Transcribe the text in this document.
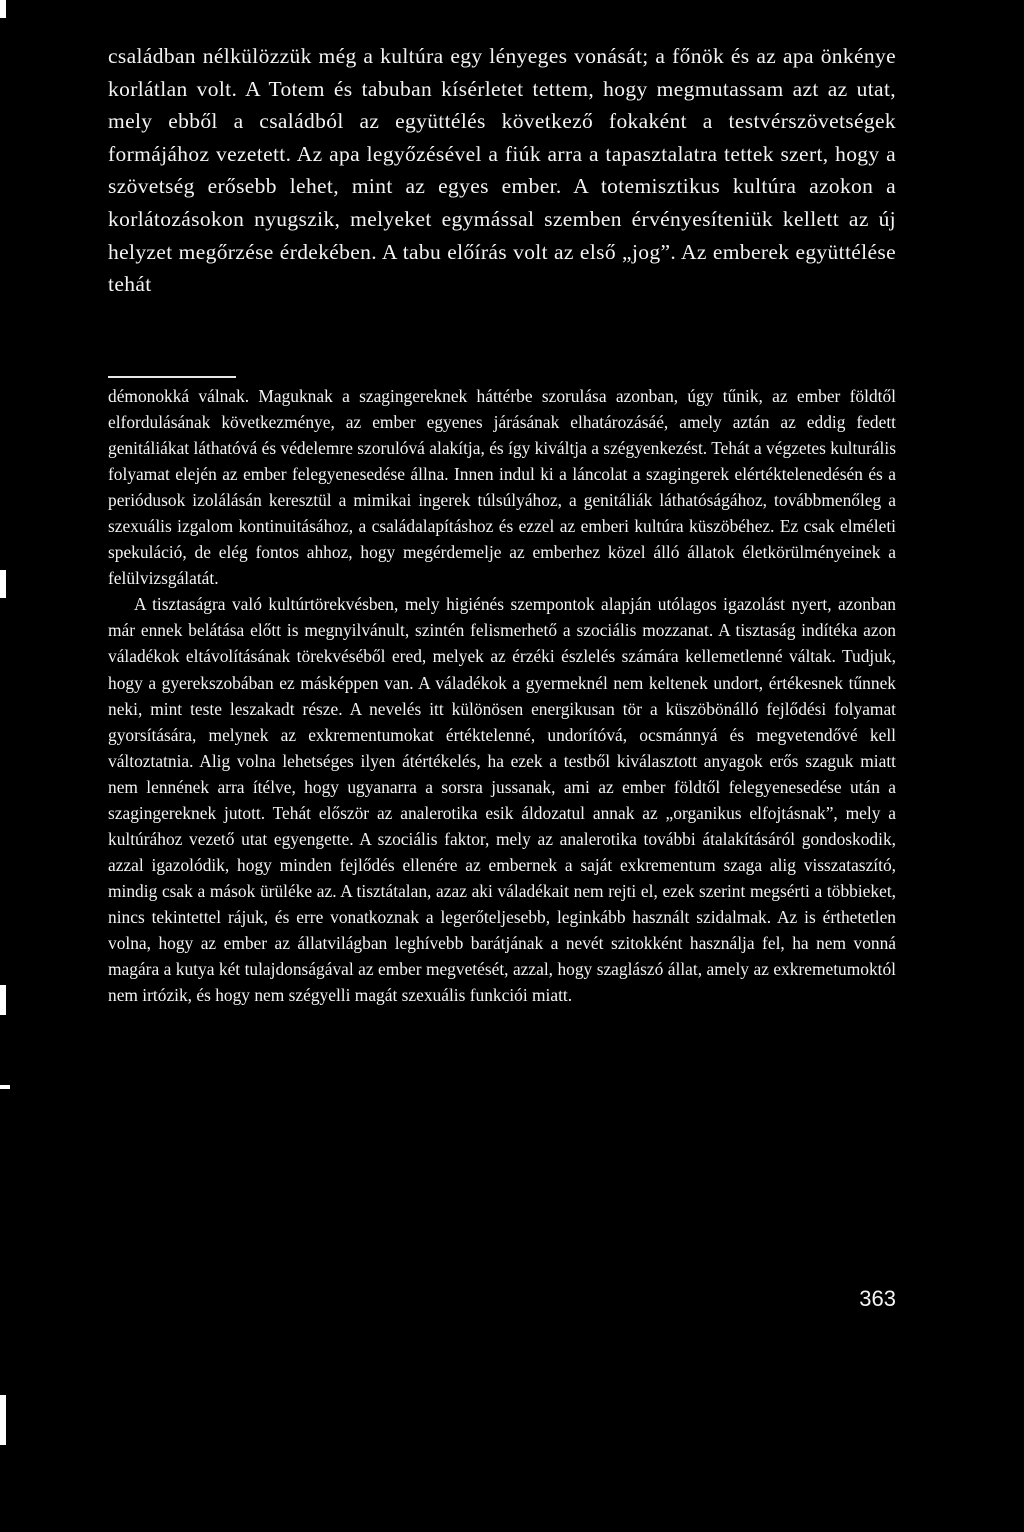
családban nélkülözzük még a kultúra egy lényeges vonását; a főnök és az apa önkénye korlátlan volt. A Totem és tabuban kísérletet tettem, hogy megmutassam azt az utat, mely ebből a családból az együttélés következő fokaként a testvérszövetségek formájához vezetett. Az apa legyőzésével a fiúk arra a tapasztalatra tettek szert, hogy a szövetség erősebb lehet, mint az egyes ember. A totemisztikus kultúra azokon a korlátozásokon nyugszik, melyeket egymással szemben érvényesíteniük kellett az új helyzet megőrzése érdekében. A tabu előírás volt az első „jog”. Az emberek együttélése tehát

démonokká válnak. Maguknak a szagingereknek háttérbe szorulása azonban, úgy tűnik, az ember földtől elfordulásának következménye, az ember egyenes járásának elhatározásáé, amely aztán az eddig fedett genitáliákat láthatóvá és védelemre szorulóvá alakítja, és így kiváltja a szégyenkezést. Tehát a végzetes kulturális folyamat elején az ember felegyenesedése állna. Innen indul ki a láncolat a szagingerek elértéktelenedésén és a periódusok izolálásán keresztül a mimikai ingerek túlsúlyához, a genitáliák láthatóságához, továbbmenőleg a szexuális izgalom kontinuitásához, a családalapításhoz és ezzel az emberi kultúra küszöbéhez. Ez csak elméleti spekuláció, de elég fontos ahhoz, hogy megérdemelje az emberhez közel álló állatok életkörülményeinek a felülvizsgálatát.

A tisztaságra való kultúrtörekvésben, mely higiénés szempontok alapján utólagos igazolást nyert, azonban már ennek belátása előtt is megnyilvánult, szintén felismerhető a szociális mozzanat. A tisztaság indítéka azon váladékok eltávolításának törekvéséből ered, melyek az érzéki észlelés számára kellemetlenné váltak. Tudjuk, hogy a gyerekszobában ez másképpen van. A váladékok a gyermeknél nem keltenek undort, értékesnek tűnnek neki, mint teste leszakadt része. A nevelés itt különösen energikusan tör a küszöbönálló fejlődési folyamat gyorsítására, melynek az exkrementumokat értéktelenné, undorítóvá, ocsmánnyá és megvetendővé kell változtatnia. Alig volna lehetséges ilyen átértékelés, ha ezek a testből kiválasztott anyagok erős szaguk miatt nem lennének arra ítélve, hogy ugyanarra a sorsra jussanak, ami az ember földtől felegyenesedése után a szagingereknek jutott. Tehát először az analerotika esik áldozatul annak az „organikus elfojtásnak”, mely a kultúrához vezető utat egyengette. A szociális faktor, mely az analerotika további átalakításáról gondoskodik, azzal igazolódik, hogy minden fejlődés ellenére az embernek a saját exkrementum szaga alig visszataszító, mindig csak a mások ürüléke az. A tisztátalan, azaz aki váladékait nem rejti el, ezek szerint megsérti a többieket, nincs tekintettel rájuk, és erre vonatkoznak a legerőteljesebb, leginkább használt szidalmak. Az is érthetetlen volna, hogy az ember az állatvilágban leghívebb barátjának a nevét szitokként használja fel, ha nem vonná magára a kutya két tulajdonságával az ember megvetését, azzal, hogy szaglászó állat, amely az exkremetumoktól nem irtózik, és hogy nem szégyelli magát szexuális funkciói miatt.

363
